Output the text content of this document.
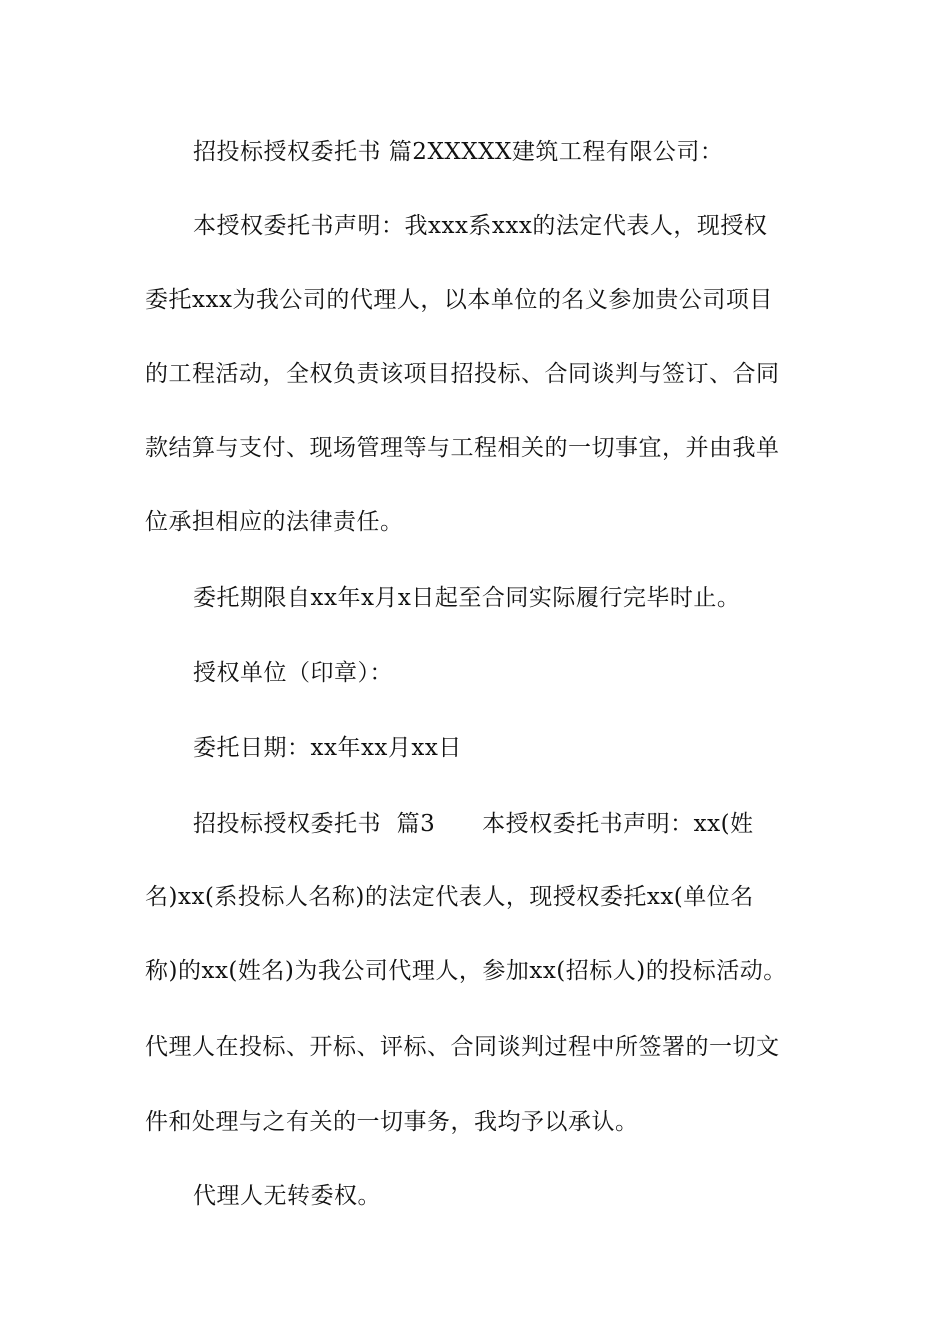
招投标授权委托书 篇2XXXXX建筑工程有限公司：
本授权委托书声明：我xxx系xxx的法定代表人，现授权
委托xxx为我公司的代理人，以本单位的名义参加贵公司项目
的工程活动，全权负责该项目招投标、合同谈判与签订、合同
款结算与支付、现场管理等与工程相关的一切事宜，并由我单
位承担相应的法律责任。
委托期限自xx年x月x日起至合同实际履行完毕时止。
授权单位（印章）：
委托日期：xx年xx月xx日
招投标授权委托书  篇3      本授权委托书声明：xx(姓
名)xx(系投标人名称)的法定代表人，现授权委托xx(单位名
称)的xx(姓名)为我公司代理人，参加xx(招标人)的投标活动。
代理人在投标、开标、评标、合同谈判过程中所签署的一切文
件和处理与之有关的一切事务，我均予以承认。
代理人无转委权。
